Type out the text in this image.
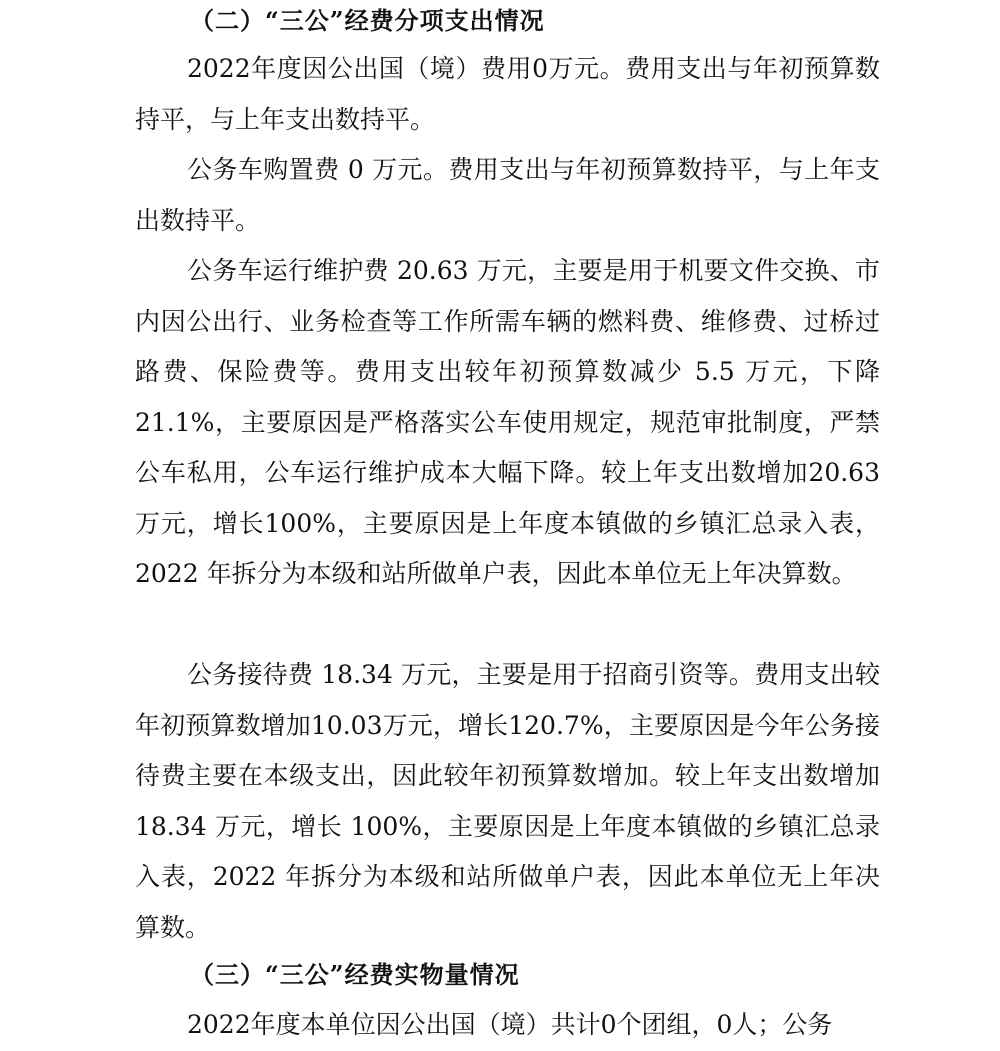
（二）“三公”经费分项支出情况

2022年度因公出国（境）费用0万元。费用支出与年初预算数持平，与上年支出数持平。

公务车购置费 0 万元。费用支出与年初预算数持平，与上年支出数持平。

公务车运行维护费 20.63 万元，主要是用于机要文件交换、市内因公出行、业务检查等工作所需车辆的燃料费、维修费、过桥过路费、保险费等。费用支出较年初预算数减少 5.5 万元，下降 21.1%，主要原因是严格落实公车使用规定，规范审批制度，严禁公车私用，公车运行维护成本大幅下降。较上年支出数增加20.63万元，增长100%，主要原因是上年度本镇做的乡镇汇总录入表，2022 年拆分为本级和站所做单户表，因此本单位无上年决算数。

公务接待费 18.34 万元，主要是用于招商引资等。费用支出较年初预算数增加10.03万元，增长120.7%，主要原因是今年公务接待费主要在本级支出，因此较年初预算数增加。较上年支出数增加 18.34 万元，增长 100%，主要原因是上年度本镇做的乡镇汇总录入表，2022 年拆分为本级和站所做单户表，因此本单位无上年决算数。

（三）“三公”经费实物量情况

2022年度本单位因公出国（境）共计0个团组，0人；公务
